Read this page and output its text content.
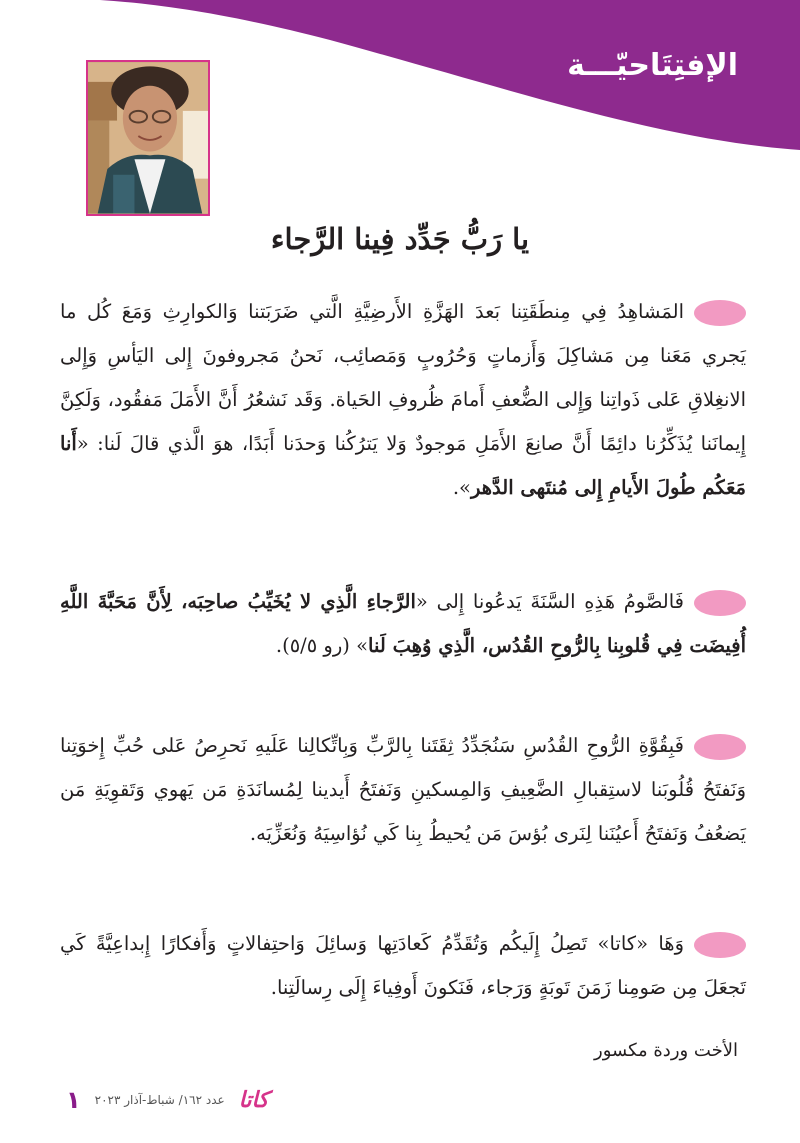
الإفتِتَاحيّـــة
يا رَبُّ جَدِّد فِينا الرَّجاء

المَشاهِدُ فِي مِنطَقَتِنا بَعدَ الهَزَّةِ الأَرضِيَّةِ الَّتي ضَرَبَتنا وَالكوارِثِ وَمَعَ كُل ما يَجري مَعَنا مِن مَشاكِلَ وَأَزماتٍ وَحُرُوبٍ وَمَصائِب، نَحنُ مَجروفونَ إِلى اليَأسِ وَإِلى الانغِلاقِ عَلى ذَواتِنا وَإِلى الضُّعفِ أَمامَ ظُروفِ الحَياة. وَقَد نَشعُرُ أَنَّ الأَمَلَ مَفقُود، وَلَكِنَّ إِيمانَنا يُذَكِّرُنا دائِمًا أَنَّ صانِعَ الأَمَلِ مَوجودٌ وَلا يَترُكُنا وَحدَنا أَبَدًا، هوَ الَّذي قالَ لَنا: «أَنا مَعَكُم طُولَ الأَيامِ إِلى مُنتَهى الدَّهر».

فَالصَّومُ هَذِهِ السَّنَةَ يَدعُونا إِلى «الرَّجاءِ الَّذِي لا يُخَيِّبُ صاحِبَه، لِأَنَّ مَحَبَّةَ اللَّهِ أُفِيضَت فِي قُلوبِنا بِالرُّوحِ القُدُس، الَّذِي وُهِبَ لَنا» (رو ٥/٥).

فَبِقُوَّةِ الرُّوحِ القُدُسِ سَنُجَدِّدُ ثِقَتَنا بِالرَّبِّ وَبِاتِّكالِنا عَلَيهِ نَحرِصُ عَلى حُبِّ إِخوَتِنا وَنَفتَحُ قُلُوبَنا لاستِقبالِ الضَّعِيفِ وَالمِسكينِ وَنَفتَحُ أَيدينا لِمُسانَدَةِ مَن يَهوي وَتَقوِيَةِ مَن يَضعُفُ وَنَفتَحُ أَعيُنَنا لِنَرى بُؤسَ مَن يُحيطُ بِنا كَي نُؤاسِيَهُ وَنُعَزِّيَه.

وَهَا «كاتا» تَصِلُ إِلَيكُم وَتُقَدِّمُ كَعادَتِها وَسائِلَ وَاحتِفالاتٍ وَأَفكارًا إِبداعِيَّةً كَي تَجعَلَ مِن صَومِنا زَمَنَ تَوبَةٍ وَرَجاء، فَنَكونَ أَوفِياءَ إِلَى رِسالَتِنا.

الأخت وردة مكسور

١ عدد ١٦٢/ شباط-آذار ٢٠٢٣ كاتا
